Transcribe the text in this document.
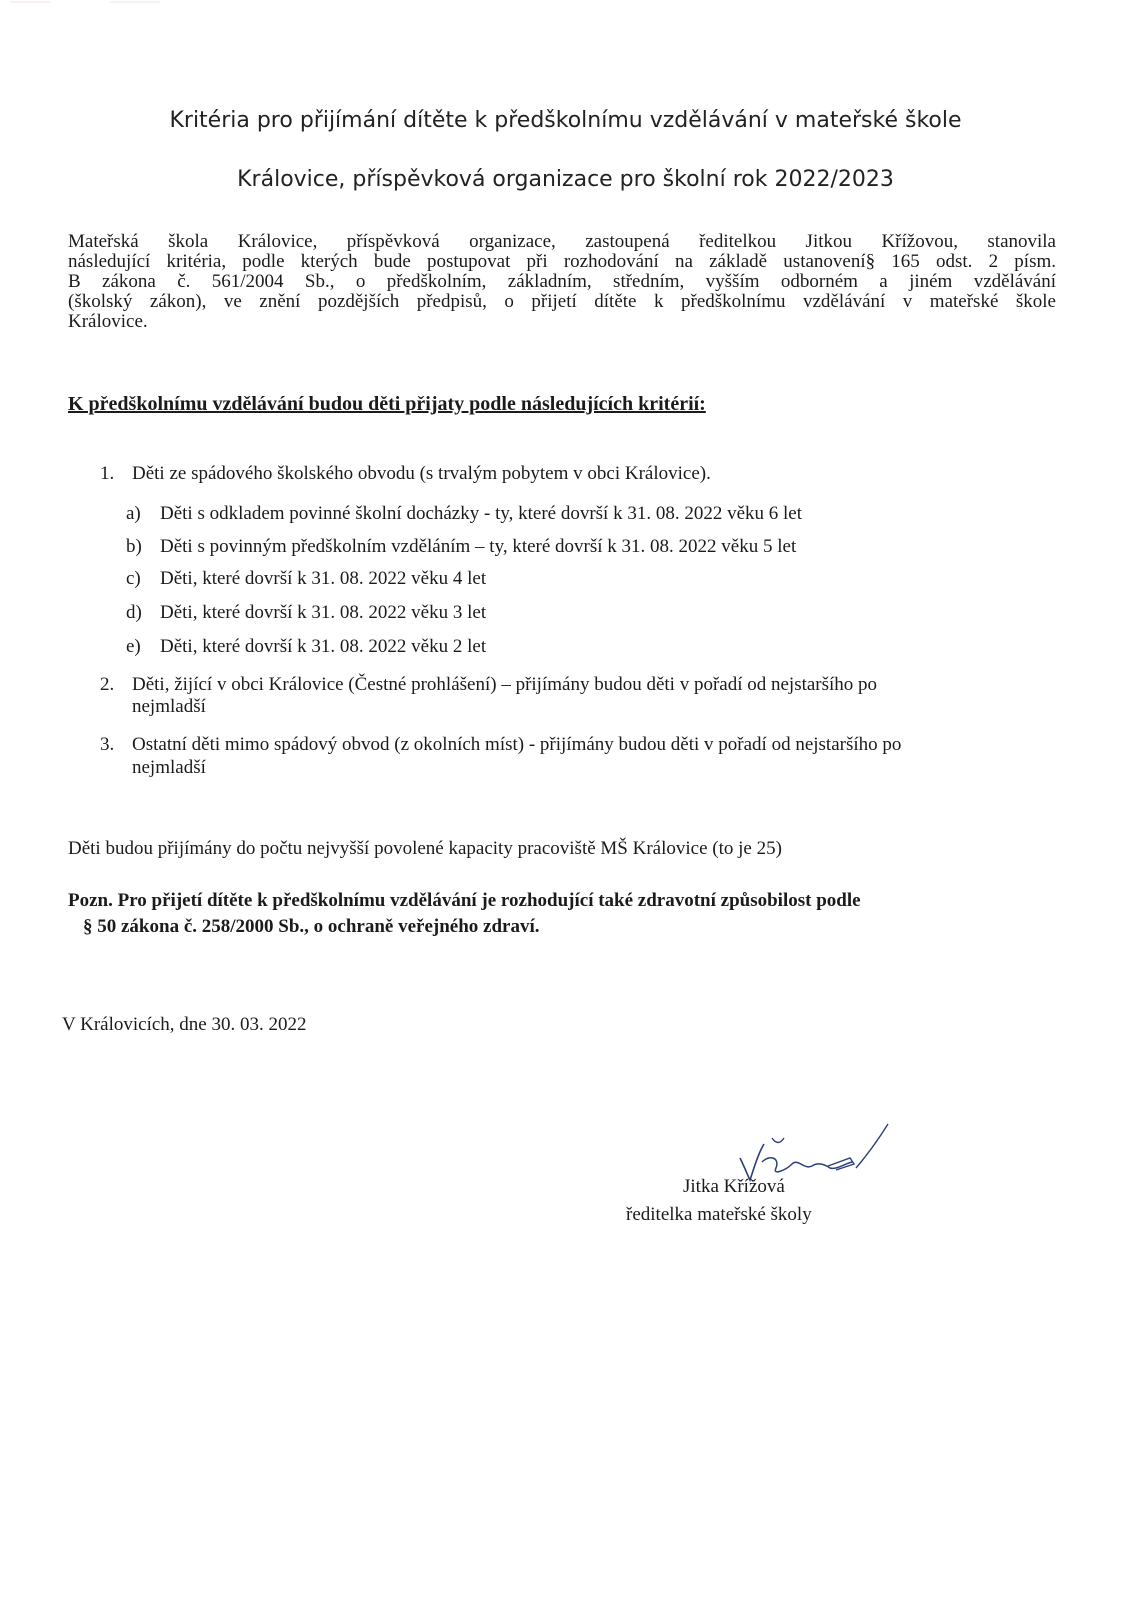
Kritéria pro přijímání dítěte k předškolnímu vzdělávání v mateřské škole
Královice, příspěvková organizace pro školní rok 2022/2023
Mateřská škola Královice, příspěvková organizace, zastoupená ředitelkou Jitkou Křížovou, stanovila
následující kritéria, podle kterých bude postupovat při rozhodování na základě ustanovení§ 165 odst. 2 písm.
B zákona č. 561/2004 Sb., o předškolním, základním, středním, vyšším odborném a jiném vzdělávání
(školský zákon), ve znění pozdějších předpisů, o přijetí dítěte k předškolnímu vzdělávání v mateřské škole
Královice.
K předškolnímu vzdělávání budou děti přijaty podle následujících kritérií:
1. Děti ze spádového školského obvodu (s trvalým pobytem v obci Královice).
a) Děti s odkladem povinné školní docházky - ty, které dovrší k 31. 08. 2022 věku 6 let
b) Děti s povinným předškolním vzděláním – ty, které dovrší k 31. 08. 2022 věku 5 let
c) Děti, které dovrší k 31. 08. 2022 věku 4 let
d) Děti, které dovrší k 31. 08. 2022 věku 3 let
e) Děti, které dovrší k 31. 08. 2022 věku 2 let
2. Děti, žijící v obci Královice (Čestné prohlášení) – přijímány budou děti v pořadí od nejstaršího po
nejmladší
3. Ostatní děti mimo spádový obvod (z okolních míst) - přijímány budou děti v pořadí od nejstaršího po
nejmladší
Děti budou přijímány do počtu nejvyšší povolené kapacity pracoviště MŠ Královice (to je 25)
Pozn. Pro přijetí dítěte k předškolnímu vzdělávání je rozhodující také zdravotní způsobilost podle
§ 50 zákona č. 258/2000 Sb., o ochraně veřejného zdraví.
V Královicích, dne 30. 03. 2022
Jitka Křížová
ředitelka mateřské školy
